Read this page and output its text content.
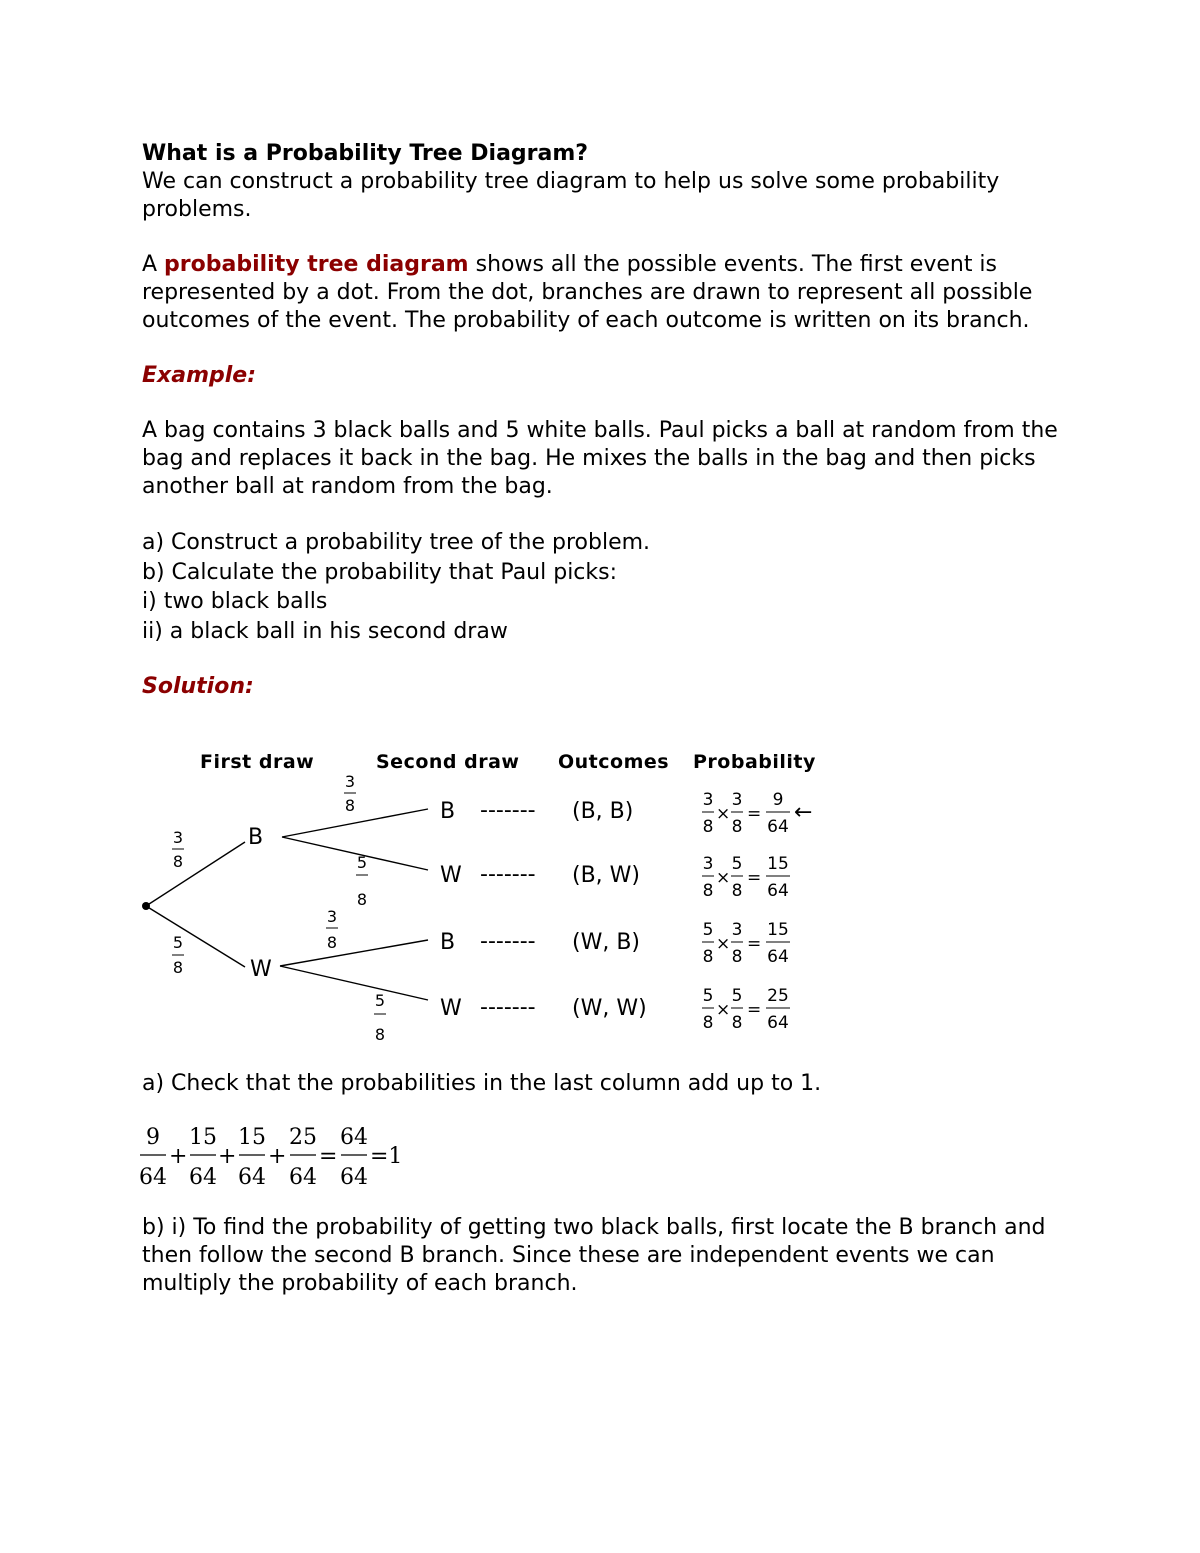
What is a Probability Tree Diagram?

We can construct a probability tree diagram to help us solve some probability problems.

A probability tree diagram shows all the possible events. The first event is represented by a dot. From the dot, branches are drawn to represent all possible outcomes of the event. The probability of each outcome is written on its branch.

Example:

A bag contains 3 black balls and 5 white balls. Paul picks a ball at random from the bag and replaces it back in the bag. He mixes the balls in the bag and then picks another ball at random from the bag.

a) Construct a probability tree of the problem.

b) Calculate the probability that Paul picks:

i) two black balls

ii) a black ball in his second draw

Solution:

First draw	Second draw Outcomes Probability
3
8
5
8
B
W
3
8
5
8
3
8
5
8
B
W
B
W
-------
-------
-------
-------
(B, B)
(B, W)
(W, B)
(W, W)
3
8
×
3
8
=
9
64
←
3
8
×
5
8
=
15
64
5
8
×
3
8
=
15
64
5
8
×
5
8
=
25
64

a) Check that the probabilities in the last column add up to 1.

9
64
+
15
64
+
15
64
+
25
64
=
64
64
=1

b) i) To find the probability of getting two black balls, first locate the B branch and then follow the second B branch. Since these are independent events we can multiply the probability of each branch.
